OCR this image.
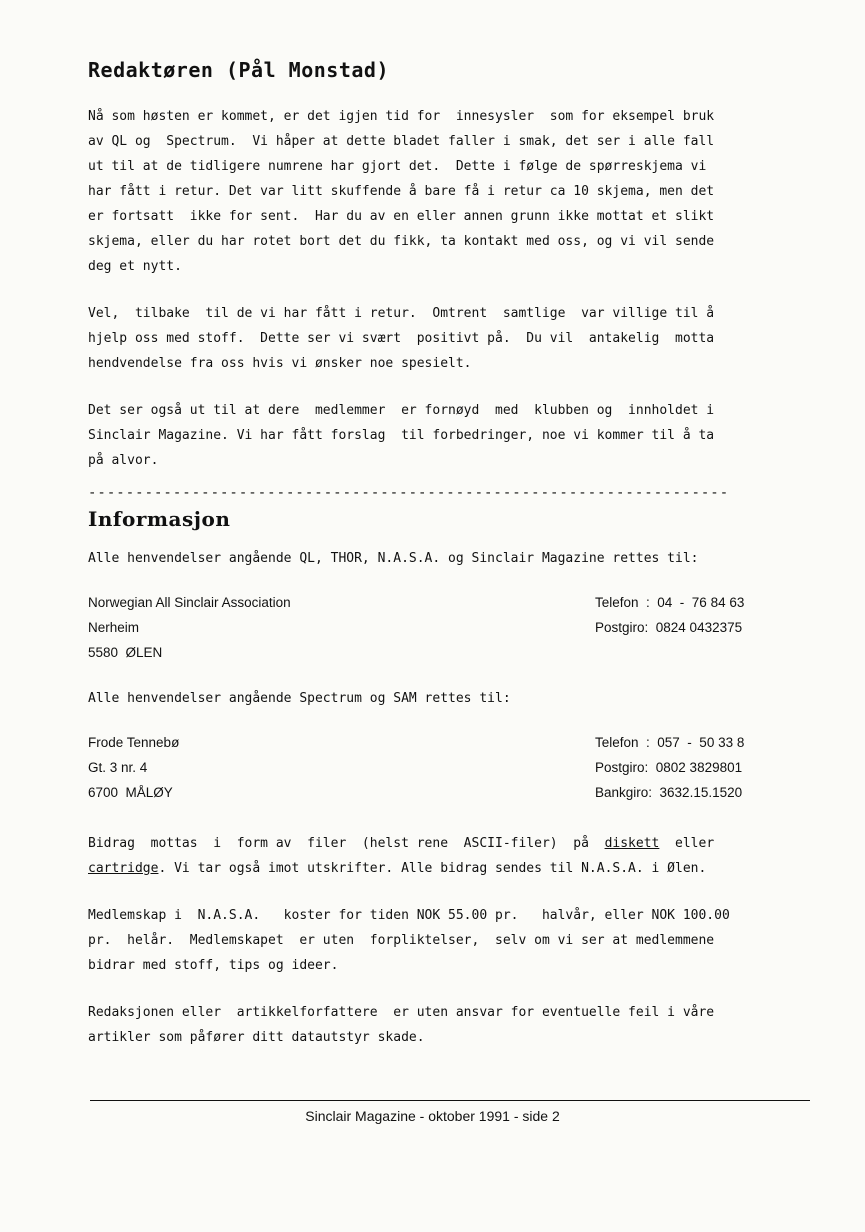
Redaktøren (Pål Monstad)
Nå som høsten er kommet, er det igjen tid for  innesysler  som for eksempel bruk
av QL og  Spectrum.  Vi håper at dette bladet faller i smak, det ser i alle fall
ut til at de tidligere numrene har gjort det.  Dette i følge de spørreskjema vi
har fått i retur. Det var litt skuffende å bare få i retur ca 10 skjema, men det
er fortsatt  ikke for sent.  Har du av en eller annen grunn ikke mottat et slikt
skjema, eller du har rotet bort det du fikk, ta kontakt med oss, og vi vil sende
deg et nytt.
Vel,  tilbake  til de vi har fått i retur.  Omtrent  samtlige  var villige til å
hjelp oss med stoff.  Dette ser vi svært  positivt på.  Du vil  antakelig  motta
hendvendelse fra oss hvis vi ønsker noe spesielt.
Det ser også ut til at dere  medlemmer  er fornøyd  med  klubben og  innholdet i
Sinclair Magazine. Vi har fått forslag  til forbedringer, noe vi kommer til å ta
på alvor.
--------------------------------------------------------------------
Informasjon
Alle henvendelser angående QL, THOR, N.A.S.A. og Sinclair Magazine rettes til:
Norwegian All Sinclair Association
Nerheim
5580  ØLEN
Telefon  :  04  -  76 84 63
Postgiro:  0824 0432375
Alle henvendelser angående Spectrum og SAM rettes til:
Frode Tennebø
Gt. 3 nr. 4
6700  MÅLØY
Telefon  :  057  -  50 33 8
Postgiro:  0802 3829801
Bankgiro:  3632.15.1520
Bidrag  mottas  i  form av  filer  (helst rene  ASCII-filer)  på  diskett  eller
cartridge. Vi tar også imot utskrifter. Alle bidrag sendes til N.A.S.A. i Ølen.
Medlemskap i  N.A.S.A.   koster for tiden NOK 55.00 pr.   halvår, eller NOK 100.00
pr.  helår.  Medlemskapet  er uten  forpliktelser,  selv om vi ser at medlemmene
bidrar med stoff, tips og ideer.
Redaksjonen eller  artikkelforfattere  er uten ansvar for eventuelle feil i våre
artikler som påfører ditt datautstyr skade.
Sinclair Magazine - oktober 1991 - side 2
